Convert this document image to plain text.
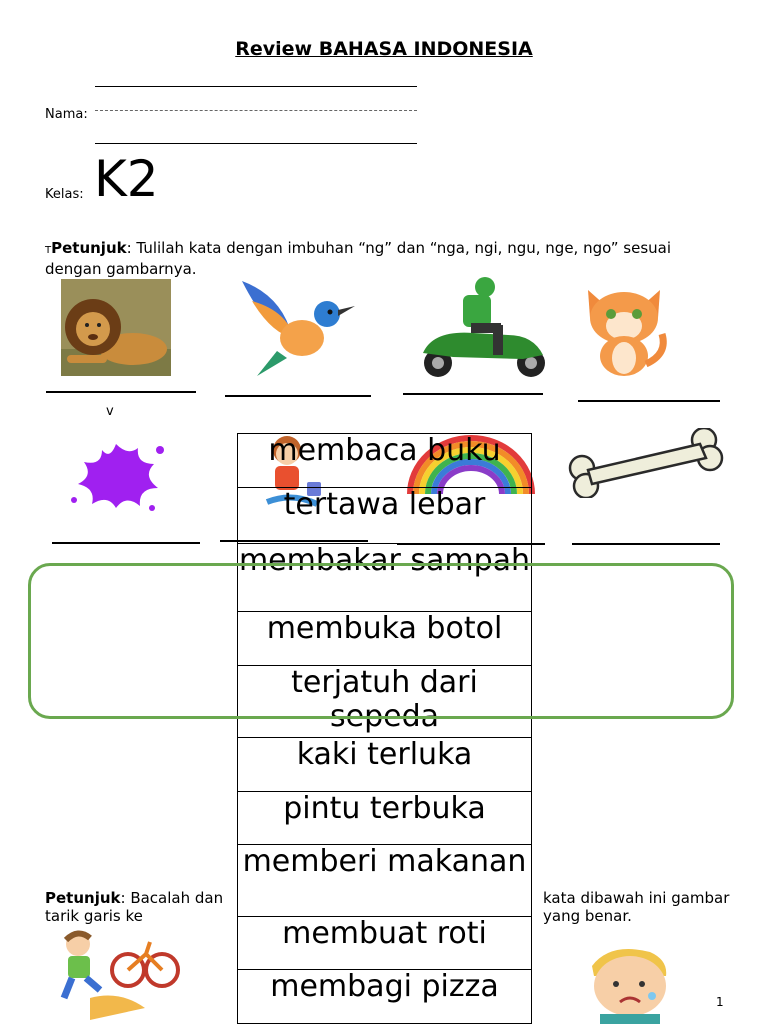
Review BAHASA INDONESIA
Nama:
Kelas: K2
TPetunjuk: Tulilah kata dengan imbuhan “ng” dan “nga, ngi, ngu, nge, ngo” sesuai dengan gambarnya.
v
membaca buku
tertawa lebar
membakar sampah
membuka botol
terjatuh dari sepeda
kaki terluka
pintu terbuka
memberi makanan
membuat roti
membagi pizza
Petunjuk: Bacalah dan tarik garis ke
kata dibawah ini gambar yang benar.
1
